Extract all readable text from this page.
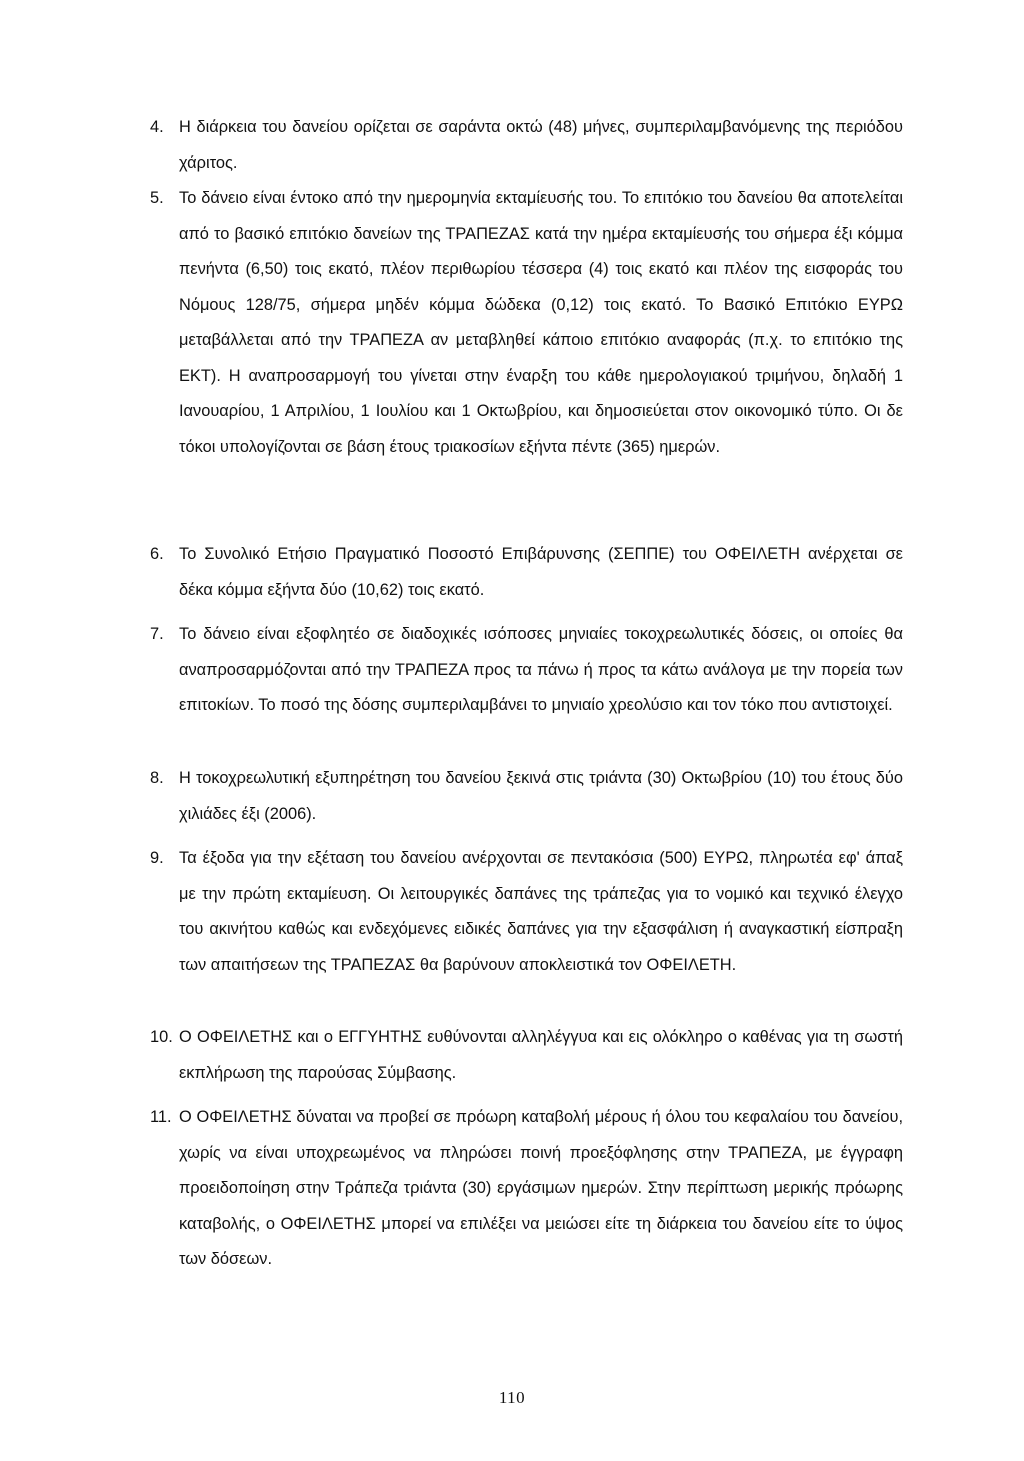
4. Η διάρκεια του δανείου ορίζεται σε σαράντα οκτώ (48) μήνες, συμπεριλαμβανόμενης της περιόδου χάριτος.
5. Το δάνειο είναι έντοκο από την ημερομηνία εκταμίευσής του. Το επιτόκιο του δανείου θα αποτελείται από το βασικό επιτόκιο δανείων της ΤΡΑΠΕΖΑΣ κατά την ημέρα εκταμίευσής του σήμερα έξι κόμμα πενήντα (6,50) τοις εκατό, πλέον περιθωρίου τέσσερα (4) τοις εκατό και πλέον της εισφοράς του Νόμους 128/75, σήμερα μηδέν κόμμα δώδεκα (0,12) τοις εκατό. Το Βασικό Επιτόκιο ΕΥΡΩ μεταβάλλεται από την ΤΡΑΠΕΖΑ αν μεταβληθεί κάποιο επιτόκιο αναφοράς (π.χ. το επιτόκιο της ΕΚΤ). Η αναπροσαρμογή του γίνεται στην έναρξη του κάθε ημερολογιακού τριμήνου, δηλαδή 1 Ιανουαρίου, 1 Απριλίου, 1 Ιουλίου και 1 Οκτωβρίου, και δημοσιεύεται στον οικονομικό τύπο. Οι δε τόκοι υπολογίζονται σε βάση έτους τριακοσίων εξήντα πέντε (365) ημερών.
6. Το Συνολικό Ετήσιο Πραγματικό Ποσοστό Επιβάρυνσης (ΣΕΠΠΕ) του ΟΦΕΙΛΕΤΗ ανέρχεται σε δέκα κόμμα εξήντα δύο (10,62) τοις εκατό.
7. Το δάνειο είναι εξοφλητέο σε διαδοχικές ισόποσες μηνιαίες τοκοχρεωλυτικές δόσεις, οι οποίες θα αναπροσαρμόζονται από την ΤΡΑΠΕΖΑ προς τα πάνω ή προς τα κάτω ανάλογα με την πορεία των επιτοκίων. Το ποσό της δόσης συμπεριλαμβάνει το μηνιαίο χρεολύσιο και τον τόκο που αντιστοιχεί.
8. Η τοκοχρεωλυτική εξυπηρέτηση του δανείου ξεκινά στις τριάντα (30) Οκτωβρίου (10) του έτους δύο χιλιάδες έξι (2006).
9. Τα έξοδα για την εξέταση του δανείου ανέρχονται σε πεντακόσια (500) ΕΥΡΩ, πληρωτέα εφ' άπαξ με την πρώτη εκταμίευση. Οι λειτουργικές δαπάνες της τράπεζας για το νομικό και τεχνικό έλεγχο του ακινήτου καθώς και ενδεχόμενες ειδικές δαπάνες για την εξασφάλιση ή αναγκαστική είσπραξη των απαιτήσεων της ΤΡΑΠΕΖΑΣ θα βαρύνουν αποκλειστικά τον ΟΦΕΙΛΕΤΗ.
10. Ο ΟΦΕΙΛΕΤΗΣ και ο ΕΓΓΥΗΤΗΣ ευθύνονται αλληλέγγυα και εις ολόκληρο ο καθένας για τη σωστή εκπλήρωση της παρούσας Σύμβασης.
11. Ο ΟΦΕΙΛΕΤΗΣ δύναται να προβεί σε πρόωρη καταβολή μέρους ή όλου του κεφαλαίου του δανείου, χωρίς να είναι υποχρεωμένος να πληρώσει ποινή προεξόφλησης στην ΤΡΑΠΕΖΑ, με έγγραφη προειδοποίηση στην Τράπεζα τριάντα (30) εργάσιμων ημερών. Στην περίπτωση μερικής πρόωρης καταβολής, ο ΟΦΕΙΛΕΤΗΣ μπορεί να επιλέξει να μειώσει είτε τη διάρκεια του δανείου είτε το ύψος των δόσεων.
110
